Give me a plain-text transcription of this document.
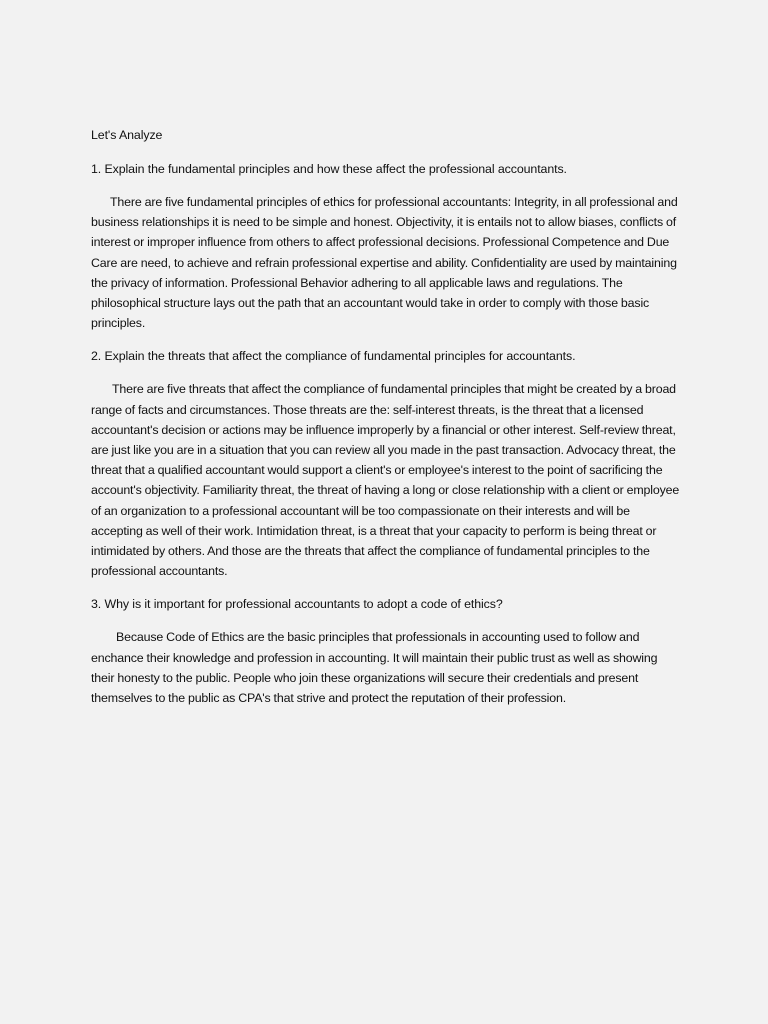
Let's Analyze

1. Explain the fundamental principles and how these affect the professional accountants.

There are five fundamental principles of ethics for professional accountants: Integrity, in all professional and business relationships it is need to be simple and honest. Objectivity, it is entails not to allow biases, conflicts of interest or improper influence from others to affect professional decisions. Professional Competence and Due Care are need, to achieve and refrain professional expertise and ability. Confidentiality are used by maintaining the privacy of information. Professional Behavior adhering to all applicable laws and regulations. The philosophical structure lays out the path that an accountant would take in order to comply with those basic principles.

2. Explain the threats that affect the compliance of fundamental principles for accountants.

There are five threats that affect the compliance of fundamental principles that might be created by a broad range of facts and circumstances. Those threats are the: self-interest threats, is the threat that a licensed accountant's decision or actions may be influence improperly by a financial or other interest. Self-review threat, are just like you are in a situation that you can review all you made in the past transaction. Advocacy threat, the threat that a qualified accountant would support a client's or employee's interest to the point of sacrificing the account's objectivity. Familiarity threat, the threat of having a long or close relationship with a client or employee of an organization to a professional accountant will be too compassionate on their interests and will be accepting as well of their work. Intimidation threat, is a threat that your capacity to perform is being threat or intimidated by others. And those are the threats that affect the compliance of fundamental principles to the professional accountants.

3. Why is it important for professional accountants to adopt a code of ethics?

Because Code of Ethics are the basic principles that professionals in accounting used to follow and enchance their knowledge and profession in accounting. It will maintain their public trust as well as showing their honesty to the public. People who join these organizations will secure their credentials and present themselves to the public as CPA's that strive and protect the reputation of their profession.
